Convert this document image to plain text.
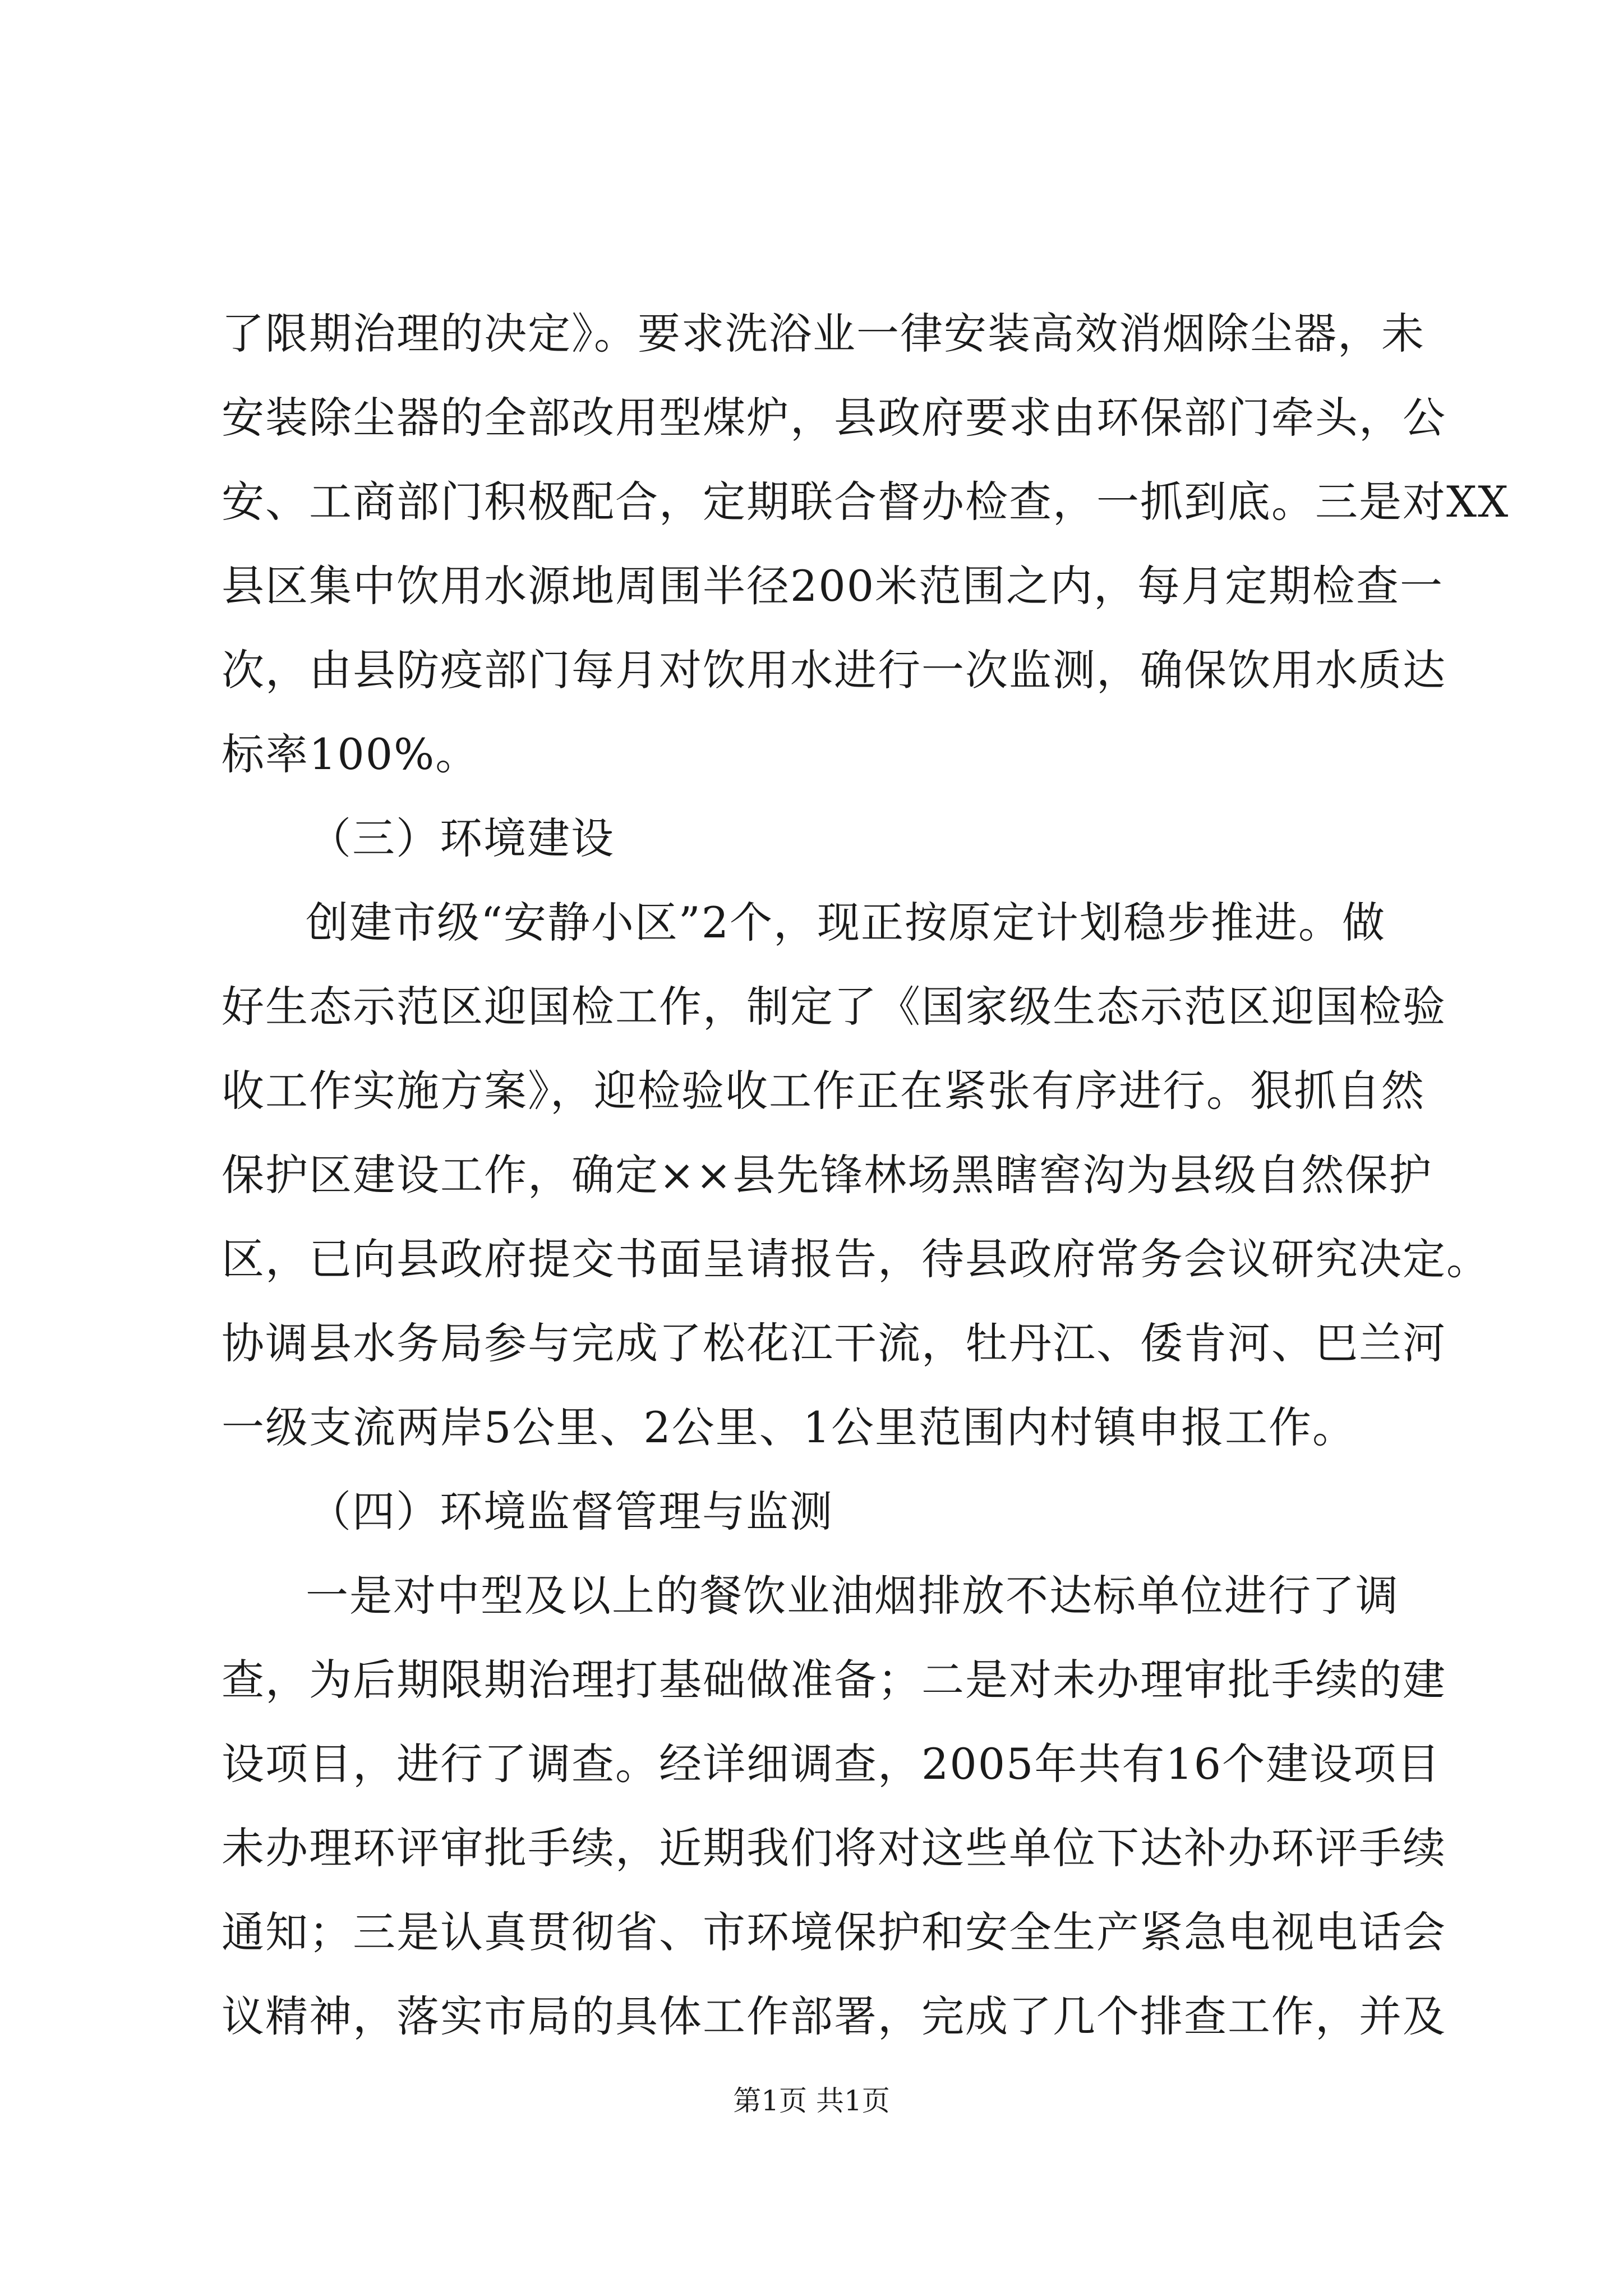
了限期治理的决定》。要求洗浴业一律安装高效消烟除尘器，未
安装除尘器的全部改用型煤炉，县政府要求由环保部门牵头，公
安、工商部门积极配合，定期联合督办检查，一抓到底。三是对XX
县区集中饮用水源地周围半径200米范围之内，每月定期检查一
次，由县防疫部门每月对饮用水进行一次监测，确保饮用水质达
标率100%。
（三）环境建设
创建市级“安静小区”2个，现正按原定计划稳步推进。做
好生态示范区迎国检工作，制定了《国家级生态示范区迎国检验
收工作实施方案》，迎检验收工作正在紧张有序进行。狠抓自然
保护区建设工作，确定××县先锋林场黑瞎窖沟为县级自然保护
区，已向县政府提交书面呈请报告，待县政府常务会议研究决定。
协调县水务局参与完成了松花江干流，牡丹江、倭肯河、巴兰河
一级支流两岸5公里、2公里、1公里范围内村镇申报工作。
（四）环境监督管理与监测
一是对中型及以上的餐饮业油烟排放不达标单位进行了调
查，为后期限期治理打基础做准备；二是对未办理审批手续的建
设项目，进行了调查。经详细调查，2005年共有16个建设项目
未办理环评审批手续，近期我们将对这些单位下达补办环评手续
通知；三是认真贯彻省、市环境保护和安全生产紧急电视电话会
议精神，落实市局的具体工作部署，完成了几个排查工作，并及
第1页 共1页
